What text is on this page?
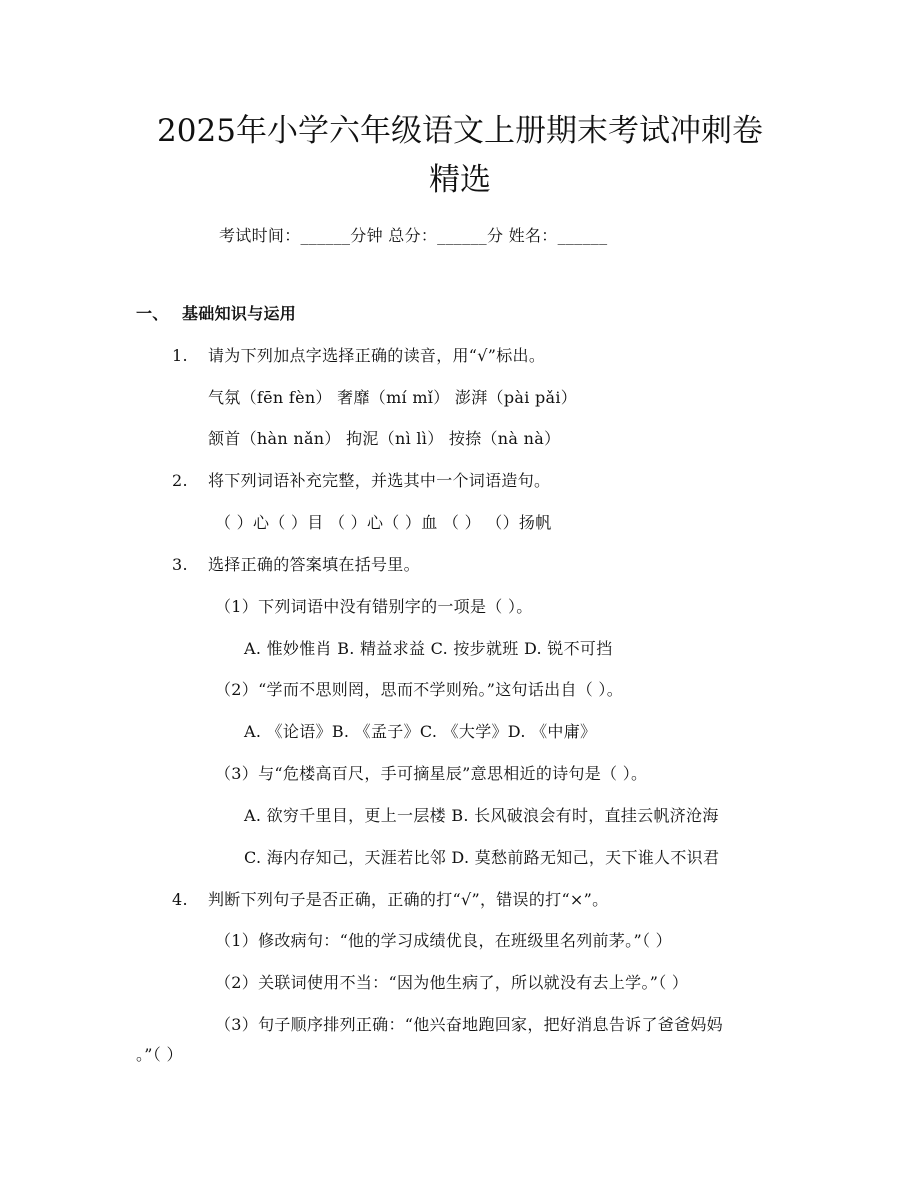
2025年小学六年级语文上册期末考试冲刺卷
精选
考试时间：______分钟 总分：______分 姓名：______
一、 基础知识与运用
1. 请为下列加点字选择正确的读音，用“√”标出。
气氛（fēn fèn） 奢靡（mí mǐ） 澎湃（pài pǎi）
颔首（hàn nǎn） 拘泥（nì lì） 按捺（nà nà）
2. 将下列词语补充完整，并选其中一个词语造句。
（ ）心（ ）目 （ ）心（ ）血 （ ） （）扬帆
3. 选择正确的答案填在括号里。
（1）下列词语中没有错别字的一项是（ ）。
A. 惟妙惟肖 B. 精益求益 C. 按步就班 D. 锐不可挡
（2）“学而不思则罔，思而不学则殆。”这句话出自（ ）。
A. 《论语》B. 《孟子》C. 《大学》D. 《中庸》
（3）与“危楼高百尺，手可摘星辰”意思相近的诗句是（ ）。
A. 欲穷千里目，更上一层楼 B. 长风破浪会有时，直挂云帆济沧海
C. 海内存知己，天涯若比邻 D. 莫愁前路无知己，天下谁人不识君
4. 判断下列句子是否正确，正确的打“√”，错误的打“×”。
（1）修改病句：“他的学习成绩优良，在班级里名列前茅。”（ ）
（2）关联词使用不当：“因为他生病了，所以就没有去上学。”（ ）
（3）句子顺序排列正确：“他兴奋地跑回家，把好消息告诉了爸爸妈妈
。”（ ）
